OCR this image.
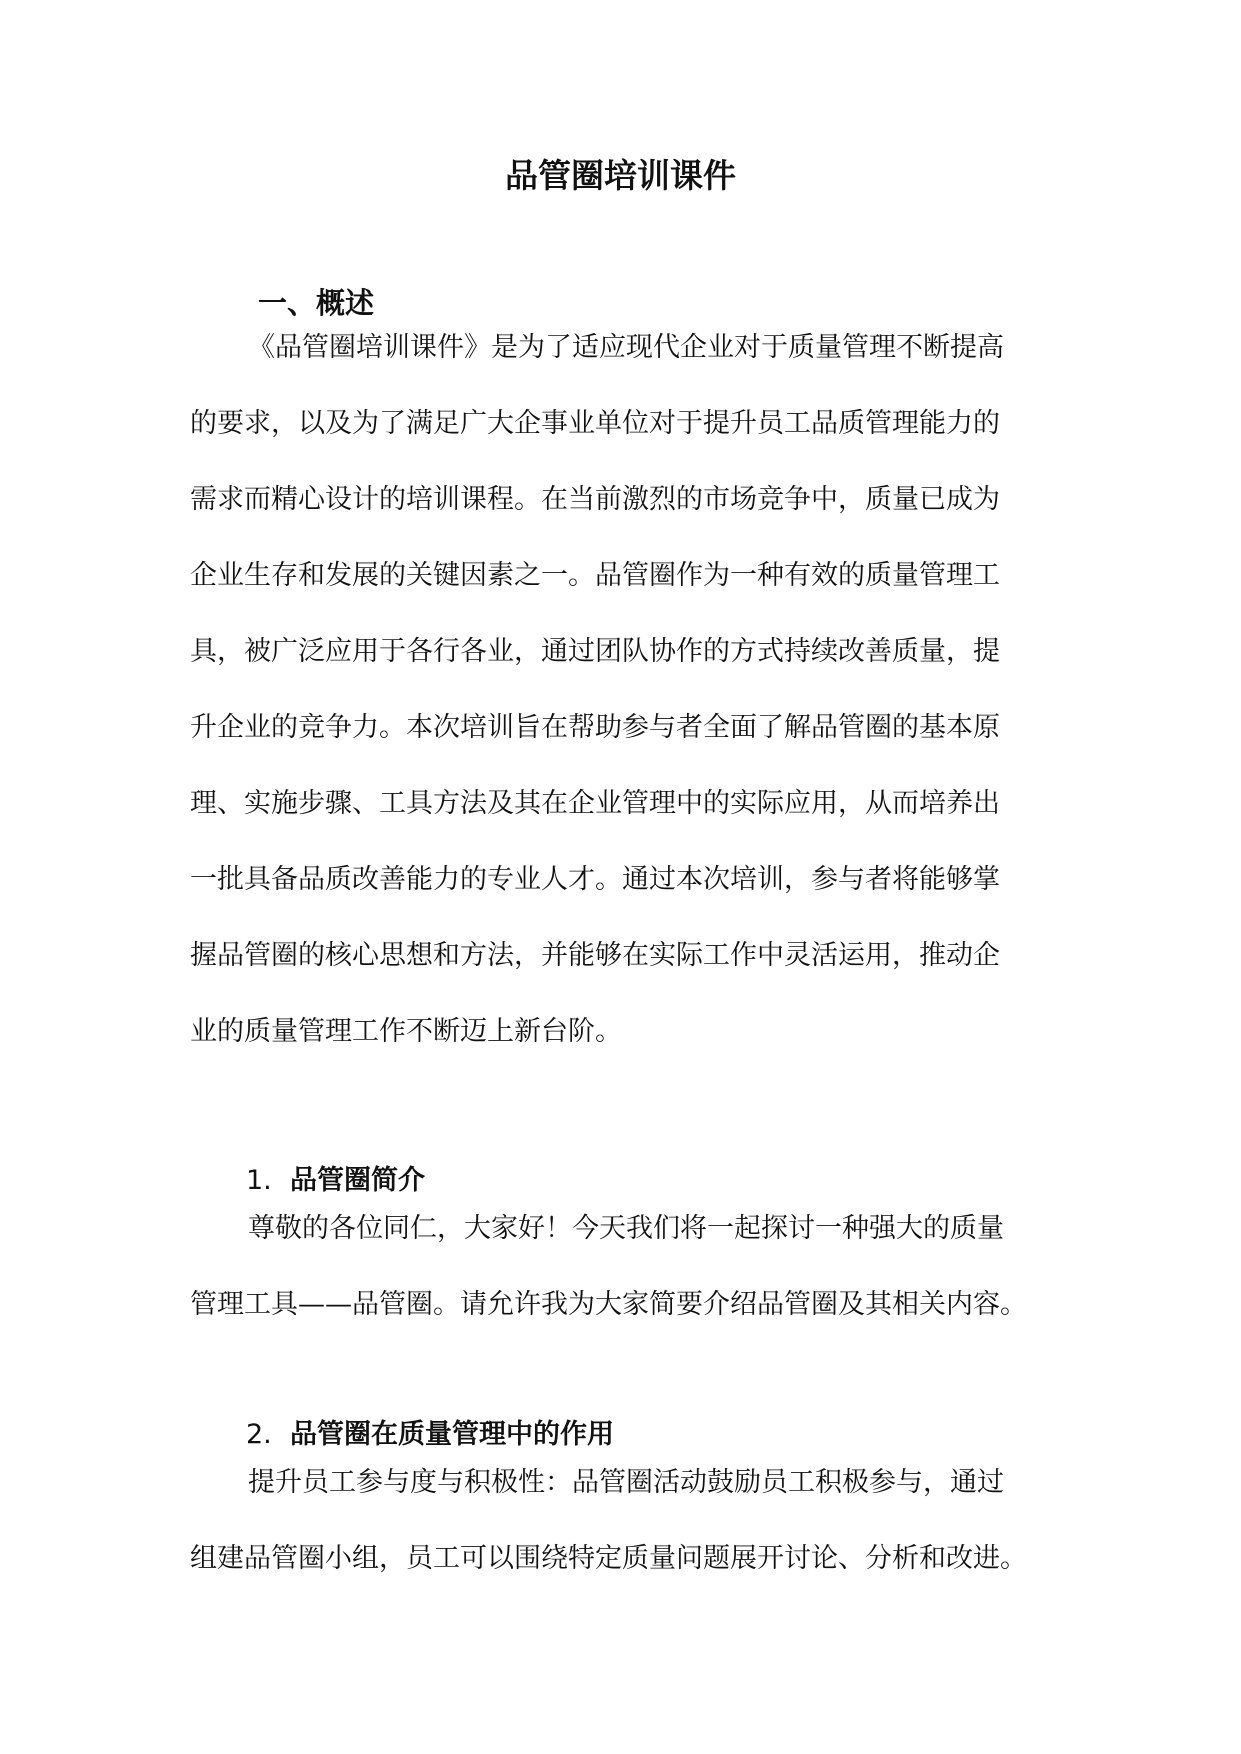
品管圈培训课件
一、概述
《品管圈培训课件》是为了适应现代企业对于质量管理不断提高
的要求，以及为了满足广大企事业单位对于提升员工品质管理能力的
需求而精心设计的培训课程。在当前激烈的市场竞争中，质量已成为
企业生存和发展的关键因素之一。品管圈作为一种有效的质量管理工
具，被广泛应用于各行各业，通过团队协作的方式持续改善质量，提
升企业的竞争力。本次培训旨在帮助参与者全面了解品管圈的基本原
理、实施步骤、工具方法及其在企业管理中的实际应用，从而培养出
一批具备品质改善能力的专业人才。通过本次培训，参与者将能够掌
握品管圈的核心思想和方法，并能够在实际工作中灵活运用，推动企
业的质量管理工作不断迈上新台阶。
1. 品管圈简介
尊敬的各位同仁，大家好！今天我们将一起探讨一种强大的质量
管理工具——品管圈。请允许我为大家简要介绍品管圈及其相关内容。
2. 品管圈在质量管理中的作用
提升员工参与度与积极性：品管圈活动鼓励员工积极参与，通过
组建品管圈小组，员工可以围绕特定质量问题展开讨论、分析和改进。
